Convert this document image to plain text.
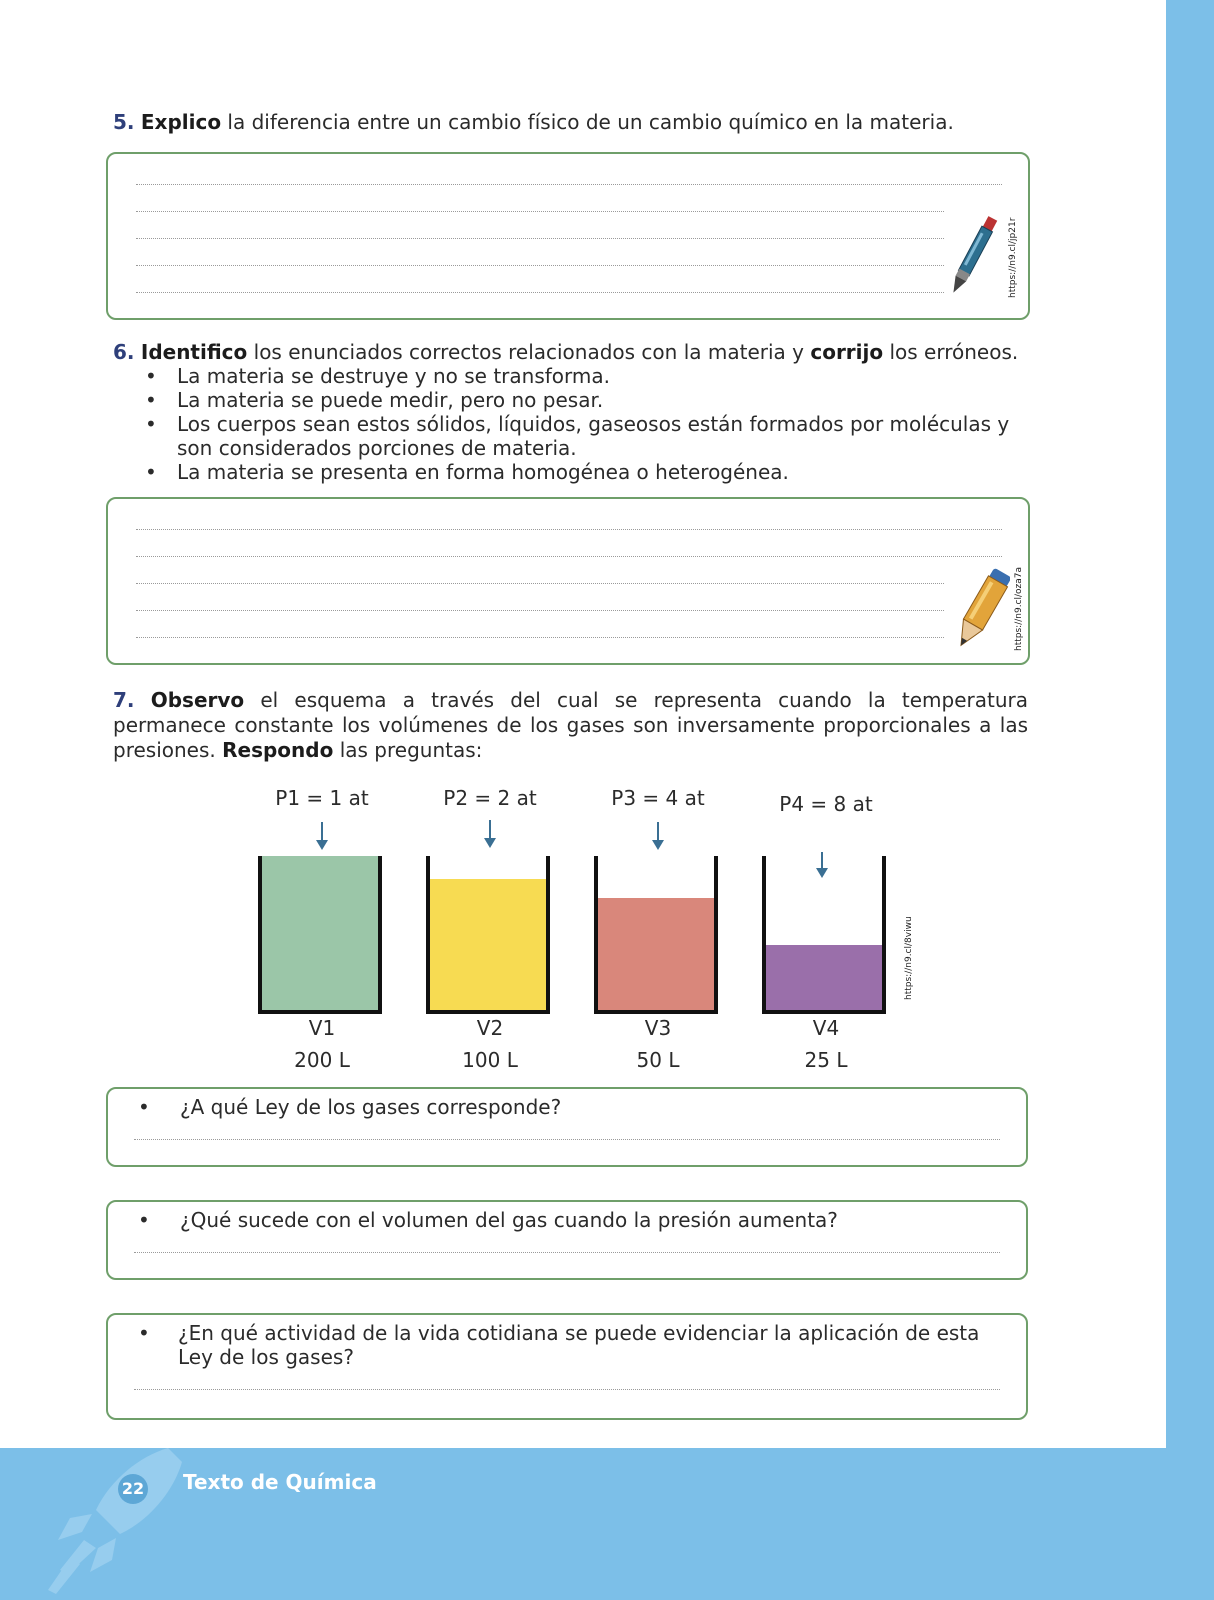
5. Explico la diferencia entre un cambio físico de un cambio químico en la materia.
https://n9.cl/jp21r
6. Identifico los enunciados correctos relacionados con la materia y corrijo los erróneos.
• La materia se destruye y no se transforma.
• La materia se puede medir, pero no pesar.
• Los cuerpos sean estos sólidos, líquidos, gaseosos están formados por moléculas y son considerados porciones de materia.
• La materia se presenta en forma homogénea o heterogénea.
https://n9.cl/oza7a
7. Observo el esquema a través del cual se representa cuando la temperatura permanece constante los volúmenes de los gases son inversamente proporcionales a las presiones. Respondo las preguntas:
P1 = 1 at
V1
200 L
P2 = 2 at
V2
100 L
P3 = 4 at
V3
50 L
P4 = 8 at
V4
25 L
https://n9.cl/8viwu
• ¿A qué Ley de los gases corresponde?
• ¿Qué sucede con el volumen del gas cuando la presión aumenta?
• ¿En qué actividad de la vida cotidiana se puede evidenciar la aplicación de esta Ley de los gases?
22 Texto de Química
